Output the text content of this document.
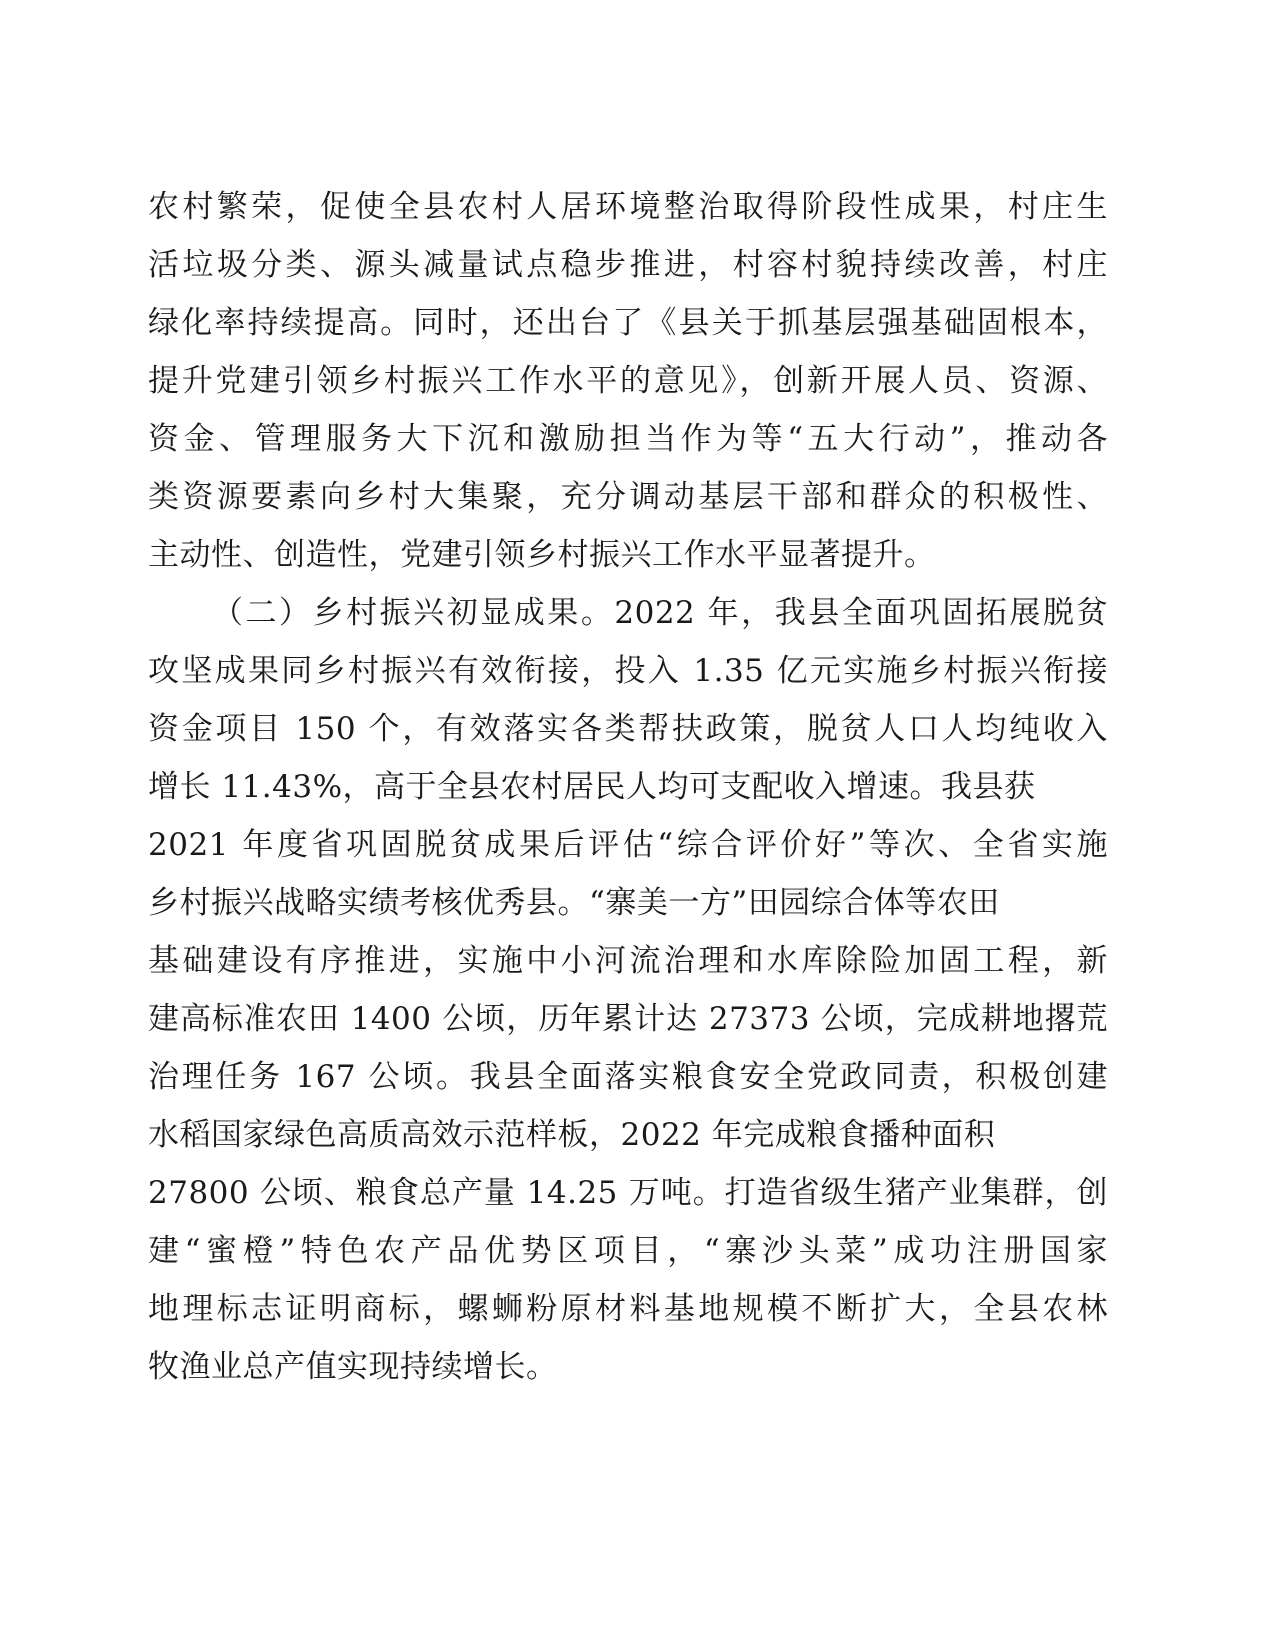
农村繁荣，促使全县农村人居环境整治取得阶段性成果，村庄生
活垃圾分类、源头减量试点稳步推进，村容村貌持续改善，村庄
绿化率持续提高。同时，还出台了《县关于抓基层强基础固根本，
提升党建引领乡村振兴工作水平的意见》，创新开展人员、资源、
资金、管理服务大下沉和激励担当作为等“五大行动”，推动各
类资源要素向乡村大集聚，充分调动基层干部和群众的积极性、
主动性、创造性，党建引领乡村振兴工作水平显著提升。
（二）乡村振兴初显成果。2022 年，我县全面巩固拓展脱贫
攻坚成果同乡村振兴有效衔接，投入 1.35 亿元实施乡村振兴衔接
资金项目 150 个，有效落实各类帮扶政策，脱贫人口人均纯收入
增长 11.43%，高于全县农村居民人均可支配收入增速。我县获
2021 年度省巩固脱贫成果后评估“综合评价好”等次、全省实施
乡村振兴战略实绩考核优秀县。“寨美一方”田园综合体等农田
基础建设有序推进，实施中小河流治理和水库除险加固工程，新
建高标准农田 1400 公顷，历年累计达 27373 公顷，完成耕地撂荒
治理任务 167 公顷。我县全面落实粮食安全党政同责，积极创建
水稻国家绿色高质高效示范样板，2022 年完成粮食播种面积
27800 公顷、粮食总产量 14.25 万吨。打造省级生猪产业集群，创
建“蜜橙”特色农产品优势区项目，“寨沙头菜”成功注册国家
地理标志证明商标，螺蛳粉原材料基地规模不断扩大，全县农林
牧渔业总产值实现持续增长。
